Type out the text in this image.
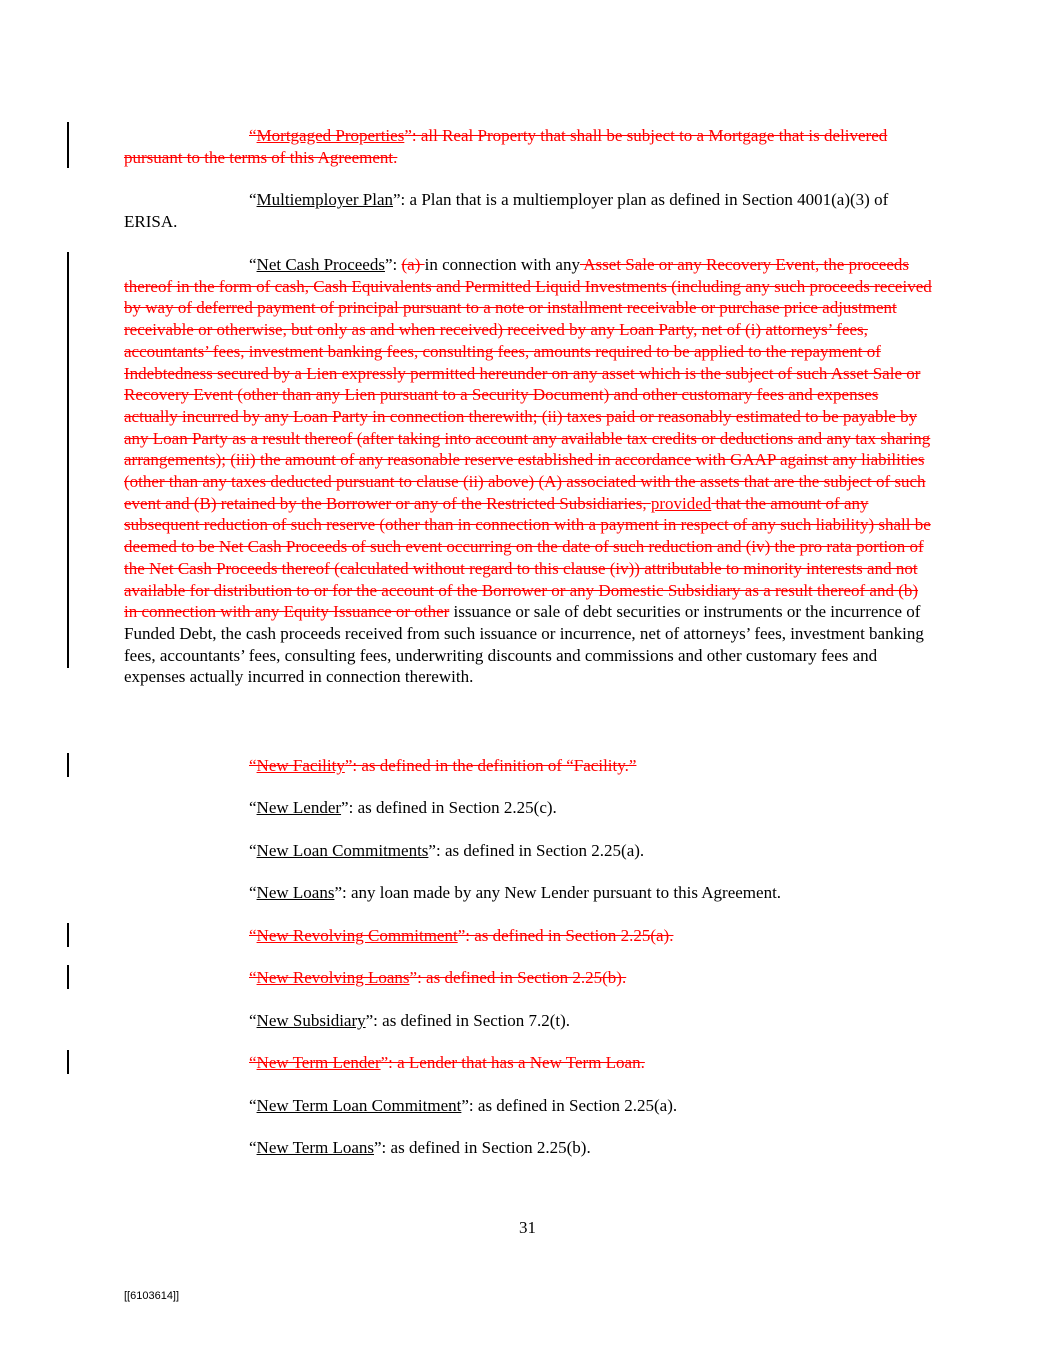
“Mortgaged Properties”: all Real Property that shall be subject to a Mortgage that is delivered pursuant to the terms of this Agreement.
“Multiemployer Plan”: a Plan that is a multiemployer plan as defined in Section 4001(a)(3) of ERISA.
“Net Cash Proceeds”: (a) in connection with any Asset Sale or any Recovery Event, the proceeds thereof in the form of cash, Cash Equivalents and Permitted Liquid Investments (including any such proceeds received by way of deferred payment of principal pursuant to a note or installment receivable or purchase price adjustment receivable or otherwise, but only as and when received) received by any Loan Party, net of (i) attorneys’ fees, accountants’ fees, investment banking fees, consulting fees, amounts required to be applied to the repayment of Indebtedness secured by a Lien expressly permitted hereunder on any asset which is the subject of such Asset Sale or Recovery Event (other than any Lien pursuant to a Security Document) and other customary fees and expenses actually incurred by any Loan Party in connection therewith; (ii) taxes paid or reasonably estimated to be payable by any Loan Party as a result thereof (after taking into account any available tax credits or deductions and any tax sharing arrangements); (iii) the amount of any reasonable reserve established in accordance with GAAP against any liabilities (other than any taxes deducted pursuant to clause (ii) above) (A) associated with the assets that are the subject of such event and (B) retained by the Borrower or any of the Restricted Subsidiaries, provided that the amount of any subsequent reduction of such reserve (other than in connection with a payment in respect of any such liability) shall be deemed to be Net Cash Proceeds of such event occurring on the date of such reduction and (iv) the pro rata portion of the Net Cash Proceeds thereof (calculated without regard to this clause (iv)) attributable to minority interests and not available for distribution to or for the account of the Borrower or any Domestic Subsidiary as a result thereof and (b) in connection with any Equity Issuance or other issuance or sale of debt securities or instruments or the incurrence of Funded Debt, the cash proceeds received from such issuance or incurrence, net of attorneys’ fees, investment banking fees, accountants’ fees, consulting fees, underwriting discounts and commissions and other customary fees and expenses actually incurred in connection therewith.
“New Facility”: as defined in the definition of “Facility.”
“New Lender”: as defined in Section 2.25(c).
“New Loan Commitments”: as defined in Section 2.25(a).
“New Loans”: any loan made by any New Lender pursuant to this Agreement.
“New Revolving Commitment”: as defined in Section 2.25(a).
“New Revolving Loans”: as defined in Section 2.25(b).
“New Subsidiary”: as defined in Section 7.2(t).
“New Term Lender”: a Lender that has a New Term Loan.
“New Term Loan Commitment”: as defined in Section 2.25(a).
“New Term Loans”: as defined in Section 2.25(b).
31
[[6103614]]
